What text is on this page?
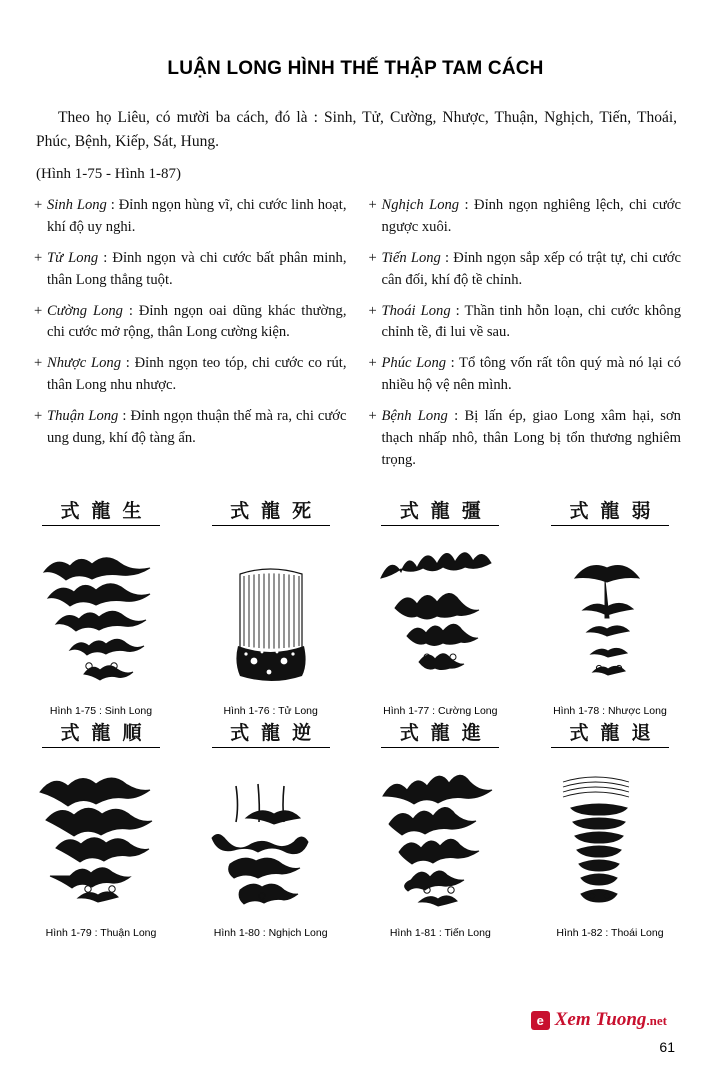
LUẬN LONG HÌNH THẾ THẬP TAM CÁCH

Theo họ Liêu, có mười ba cách, đó là : Sinh, Tử, Cường, Nhược, Thuận, Nghịch, Tiến, Thoái, Phúc, Bệnh, Kiếp, Sát, Hung.

(Hình 1-75 - Hình 1-87)

+ Sinh Long : Đỉnh ngọn hùng vĩ, chi cước linh hoạt, khí độ uy nghi.
+ Tử Long : Đỉnh ngọn và chi cước bất phân minh, thân Long thẳng tuột.
+ Cường Long : Đỉnh ngọn oai dũng khác thường, chi cước mở rộng, thân Long cường kiện.
+ Nhược Long : Đỉnh ngọn teo tóp, chi cước co rút, thân Long nhu nhược.
+ Thuận Long : Đỉnh ngọn thuận thế mà ra, chi cước ung dung, khí độ tàng ẩn.
+ Nghịch Long : Đỉnh ngọn nghiêng lệch, chi cước ngược xuôi.
+ Tiến Long : Đỉnh ngọn sắp xếp có trật tự, chi cước cân đối, khí độ tề chỉnh.
+ Thoái Long : Thần tinh hỗn loạn, chi cước không chỉnh tề, đi lui về sau.
+ Phúc Long : Tổ tông vốn rất tôn quý mà nó lại có nhiều hộ vệ nên mình.
+ Bệnh Long : Bị lấn ép, giao Long xâm hại, sơn thạch nhấp nhô, thân Long bị tổn thương nghiêm trọng.
式龍生
Hình 1-75 : Sinh Long
式龍死
Hình 1-76 : Tử Long
式龍彊
Hình 1-77 : Cường Long
式龍弱
Hình 1-78 : Nhược Long
式龍順
Hình 1-79 : Thuận Long
式龍逆
Hình 1-80 : Nghịch Long
式龍進
Hình 1-81 : Tiến Long
式龍退
Hình 1-82 : Thoái Long
e Xem Tuong.net
61
